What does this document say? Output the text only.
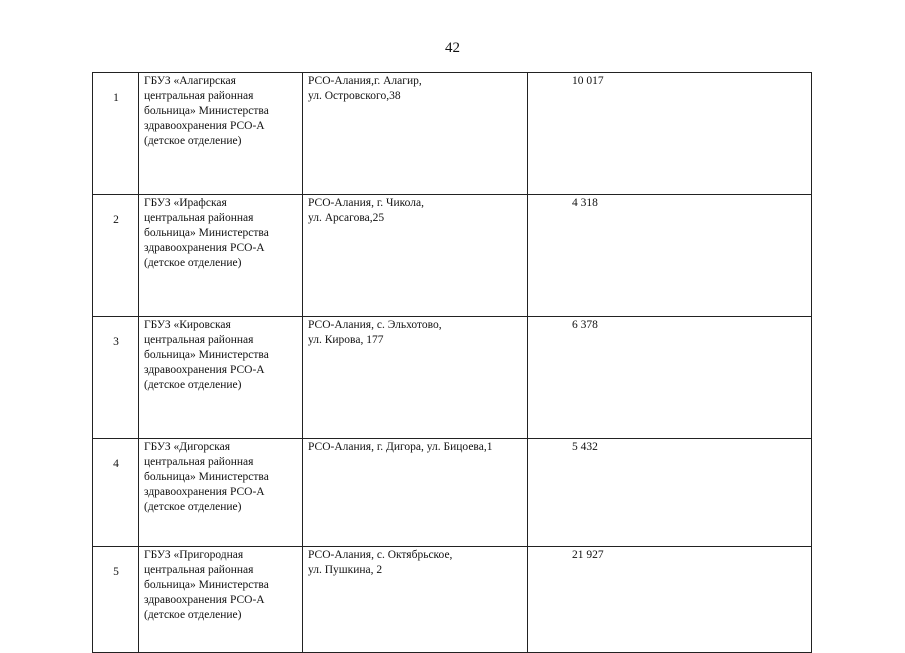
42
1	ГБУЗ «Алагирская
центральная районная
больница» Министерства
здравоохранения РСО-А
(детское отделение)	РСО-Алания,г. Алагир,
ул. Островского,38	10 017
2	ГБУЗ «Ирафская
центральная районная
больница» Министерства
здравоохранения РСО-А
(детское отделение)	РСО-Алания, г. Чикола,
ул. Арсагова,25	4 318
3	ГБУЗ «Кировская
центральная районная
больница» Министерства
здравоохранения РСО-А
(детское отделение)	РСО-Алания, с. Эльхотово,
ул. Кирова, 177	6 378
4	ГБУЗ «Дигорская
центральная районная
больница» Министерства
здравоохранения РСО-А
(детское отделение)	РСО-Алания, г. Дигора, ул. Бицоева,1	5 432
5	ГБУЗ «Пригородная
центральная районная
больница» Министерства
здравоохранения РСО-А
(детское отделение)	РСО-Алания, с. Октябрьское,
ул. Пушкина, 2	21 927
